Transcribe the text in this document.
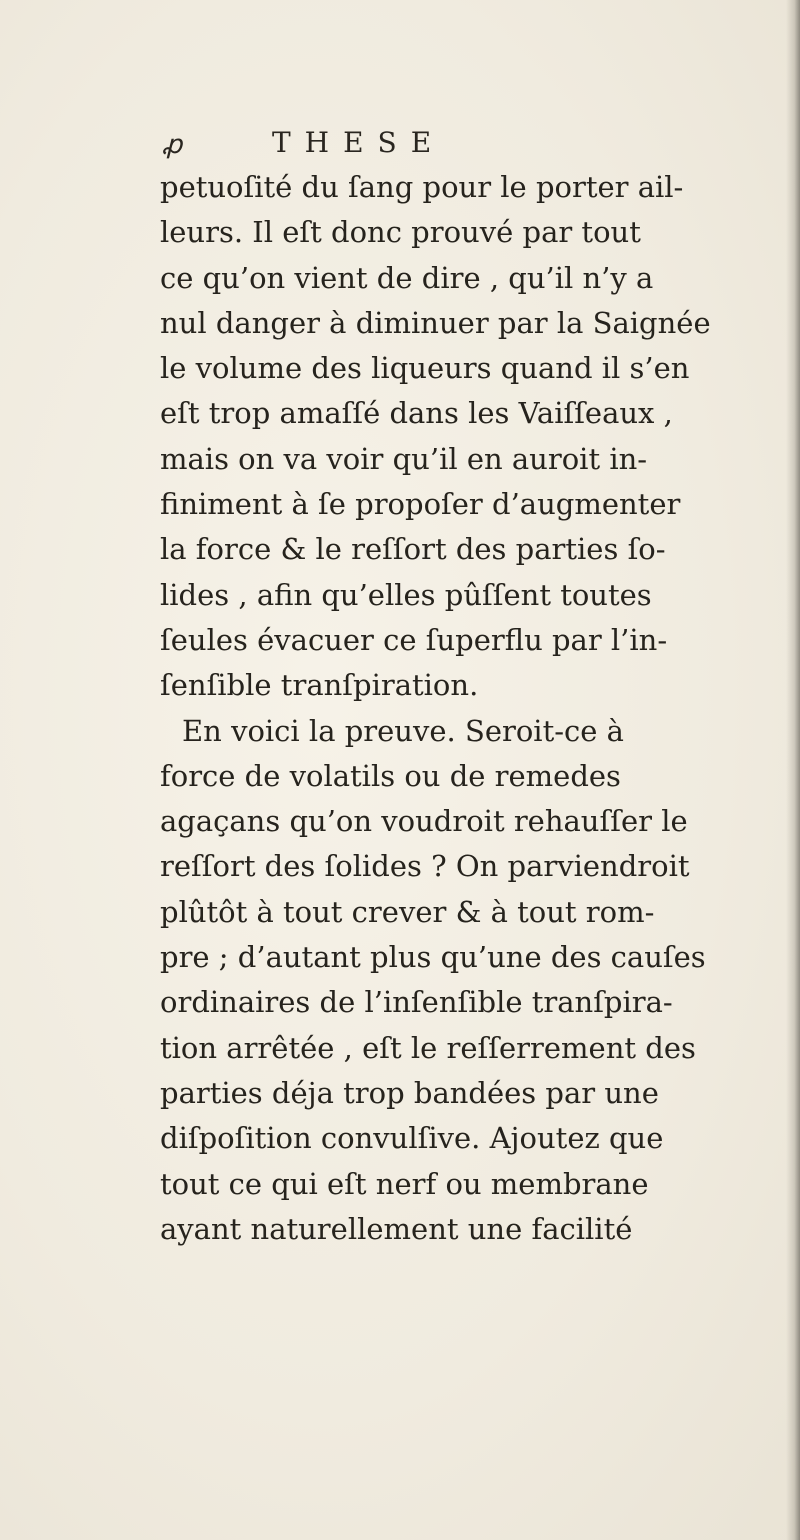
ꝓ	THESE
petuoſité du ſang pour le porter ail-
leurs. Il eſt donc prouvé par tout
ce qu’on vient de dire , qu’il n’y a
nul danger à diminuer par la Saignée
le volume des liqueurs quand il s’en
eſt trop amaſſé dans les Vaiſſeaux ,
mais on va voir qu’il en auroit in-
finiment à ſe propoſer d’augmenter
la force & le reſſort des parties ſo-
lides , afin qu’elles pûſſent toutes
ſeules évacuer ce ſuperflu par l’in-
ſenſible tranſpiration.
En voici la preuve. Seroit-ce à
force de volatils ou de remedes
agaçans qu’on voudroit rehauſſer le
reſſort des ſolides ? On parviendroit
plûtôt à tout crever & à tout rom-
pre ; d’autant plus qu’une des cauſes
ordinaires de l’inſenſible tranſpira-
tion arrêtée , eſt le reſſerrement des
parties déja trop bandées par une
diſpoſition convulſive. Ajoutez que
tout ce qui eſt nerf ou membrane
ayant naturellement une facilité
